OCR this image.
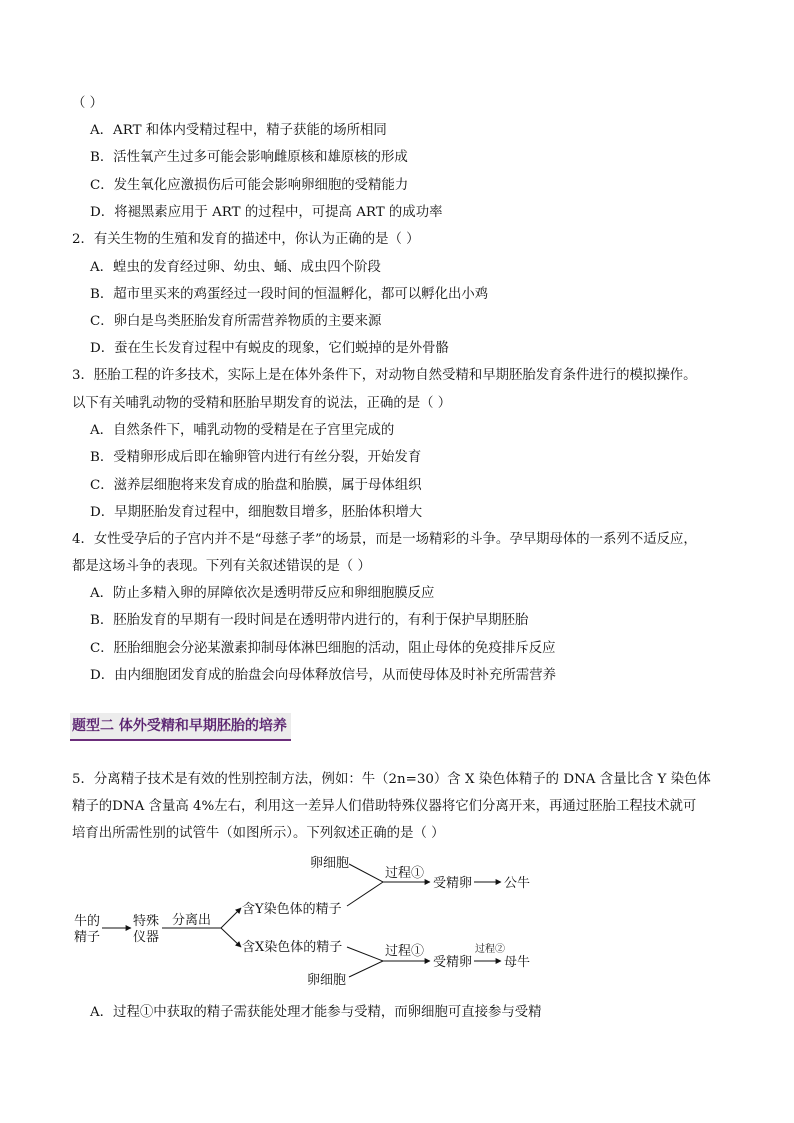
（ ）
A．ART 和体内受精过程中，精子获能的场所相同
B．活性氧产生过多可能会影响雌原核和雄原核的形成
C．发生氧化应激损伤后可能会影响卵细胞的受精能力
D．将褪黑素应用于 ART 的过程中，可提高 ART 的成功率
2．有关生物的生殖和发育的描述中，你认为正确的是（ ）
A．蝗虫的发育经过卵、幼虫、蛹、成虫四个阶段
B．超市里买来的鸡蛋经过一段时间的恒温孵化，都可以孵化出小鸡
C．卵白是鸟类胚胎发育所需营养物质的主要来源
D．蚕在生长发育过程中有蜕皮的现象，它们蜕掉的是外骨骼
3．胚胎工程的许多技术，实际上是在体外条件下，对动物自然受精和早期胚胎发育条件进行的模拟操作。
以下有关哺乳动物的受精和胚胎早期发育的说法，正确的是（ ）
A．自然条件下，哺乳动物的受精是在子宫里完成的
B．受精卵形成后即在输卵管内进行有丝分裂，开始发育
C．滋养层细胞将来发育成的胎盘和胎膜，属于母体组织
D．早期胚胎发育过程中，细胞数目增多，胚胎体积增大
4．女性受孕后的子宫内并不是“母慈子孝”的场景，而是一场精彩的斗争。孕早期母体的一系列不适反应，
都是这场斗争的表现。下列有关叙述错误的是（ ）
A．防止多精入卵的屏障依次是透明带反应和卵细胞膜反应
B．胚胎发育的早期有一段时间是在透明带内进行的，有利于保护早期胚胎
C．胚胎细胞会分泌某激素抑制母体淋巴细胞的活动，阻止母体的免疫排斥反应
D．由内细胞团发育成的胎盘会向母体释放信号，从而使母体及时补充所需营养
题型二 体外受精和早期胚胎的培养
5．分离精子技术是有效的性别控制方法，例如：牛（2n=30）含 X 染色体精子的 DNA 含量比含 Y 染色体
精子的DNA 含量高 4%左右，利用这一差异人们借助特殊仪器将它们分离开来，再通过胚胎工程技术就可
培育出所需性别的试管牛（如图所示）。下列叙述正确的是（ ）
牛的
精子
特殊
仪器
分离出
含Y染色体的精子
含X染色体的精子
卵细胞
过程①
受精卵 公牛
卵细胞
过程①
受精卵
过程②
母牛
A．过程①中获取的精子需获能处理才能参与受精，而卵细胞可直接参与受精
